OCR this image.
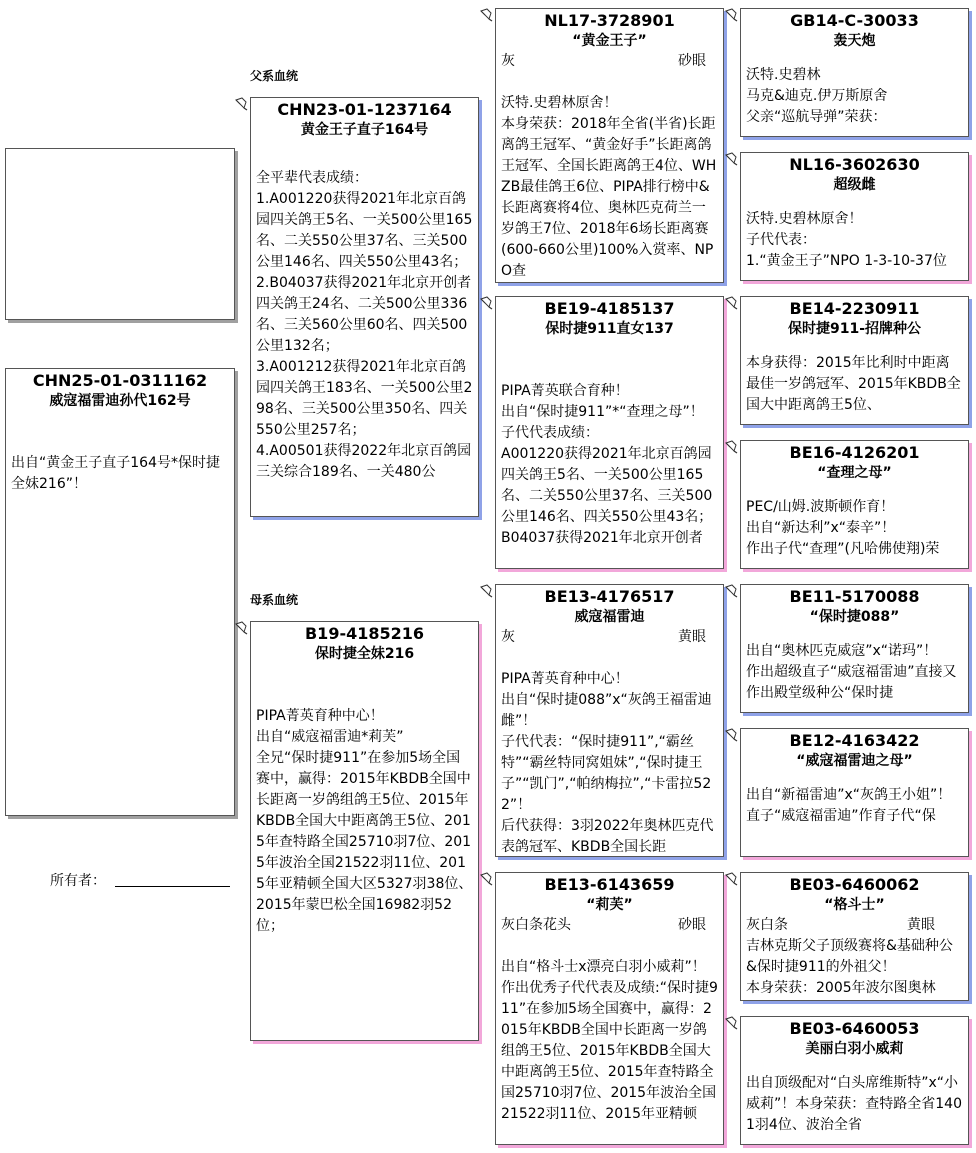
父系血统
母系血统
CHN25-01-0311162
威寇福雷迪孙代162号
出自“黄金王子直子164号*保时捷全妹216”！
所有者：
CHN23-01-1237164
黄金王子直子164号
全平辈代表成绩：
1.A001220获得2021年北京百鸽园四关鸽王5名、一关500公里165名、二关550公里37名、三关500公里146名、四关550公里43名；
2.B04037获得2021年北京开创者四关鸽王24名、二关500公里336名、三关560公里60名、四关500公里132名；
3.A001212获得2021年北京百鸽园四关鸽王183名、一关500公里298名、三关500公里350名、四关550公里257名；
4.A00501获得2022年北京百鸽园三关综合189名、一关480公
B19-4185216
保时捷全妹216
PIPA菁英育种中心！
出自“威寇福雷迪*莉芙”
全兄“保时捷911”在参加5场全国赛中，赢得：2015年KBDB全国中长距离一岁鸽组鸽王5位、2015年KBDB全国大中距离鸽王5位、2015年查特路全国25710羽7位、2015年波治全国21522羽11位、2015年亚精顿全国大区5327羽38位、2015年蒙巴松全国16982羽52位；
NL17-3728901
“黄金王子”
灰	砂眼
沃特.史碧林原舍！
本身荣获：2018年全省(半省)长距离鸽王冠军、“黄金好手”长距离鸽王冠军、全国长距离鸽王4位、WHZB最佳鸽王6位、PIPA排行榜中&长距离赛将4位、奥林匹克荷兰一岁鸽王7位、2018年6场长距离赛(600-660公里)100%入赏率、NPO查
BE19-4185137
保时捷911直女137
PIPA菁英联合育种！
出自“保时捷911”*“查理之母”！
子代代表成绩：
A001220获得2021年北京百鸽园四关鸽王5名、一关500公里165名、二关550公里37名、三关500公里146名、四关550公里43名；
B04037获得2021年北京开创者
BE13-4176517
威寇福雷迪
灰	黄眼
PIPA菁英育种中心！
出自“保时捷088”x“灰鸽王福雷迪雌”！
子代代表：“保时捷911”,“霸丝特”“霸丝特同窝姐妹”,“保时捷王子”“凯门”,“帕纳梅拉”,“卡雷拉522”！
后代获得：3羽2022年奥林匹克代表鸽冠军、KBDB全国长距
BE13-6143659
“莉芙”
灰白条花头	砂眼
出自“格斗士x漂亮白羽小威莉”！作出优秀子代代表及成绩:“保时捷911”在参加5场全国赛中，赢得：2015年KBDB全国中长距离一岁鸽组鸽王5位、2015年KBDB全国大中距离鸽王5位、2015年查特路全国25710羽7位、2015年波治全国21522羽11位、2015年亚精顿
GB14-C-30033
轰天炮
沃特.史碧林
马克&迪克.伊万斯原舍
父亲“巡航导弹”荣获：
NL16-3602630
超级雌
沃特.史碧林原舍！
子代代表：
1.“黄金王子”NPO 1-3-10-37位
BE14-2230911
保时捷911-招牌种公
本身获得：2015年比利时中距离最佳一岁鸽冠军、2015年KBDB全国大中距离鸽王5位、
BE16-4126201
“查理之母”
PEC/山姆.波斯顿作育！
出自“新达利”x“泰辛”！
作出子代“查理”(凡哈佛使翔)荣
BE11-5170088
“保时捷088”
出自“奥林匹克威寇”x“诺玛”！
作出超级直子“威寇福雷迪”直接又作出殿堂级种公“保时捷
BE12-4163422
“威寇福雷迪之母”
出自“新福雷迪”x“灰鸽王小姐”！
直子“威寇福雷迪”作育子代“保
BE03-6460062
“格斗士”
灰白条	黄眼
吉林克斯父子顶级赛将&基础种公&保时捷911的外祖父！
本身荣获：2005年波尔图奥林
BE03-6460053
美丽白羽小威莉
出自顶级配对“白头席维斯特”x“小威莉”！本身荣获：查特路全省1401羽4位、波治全省
